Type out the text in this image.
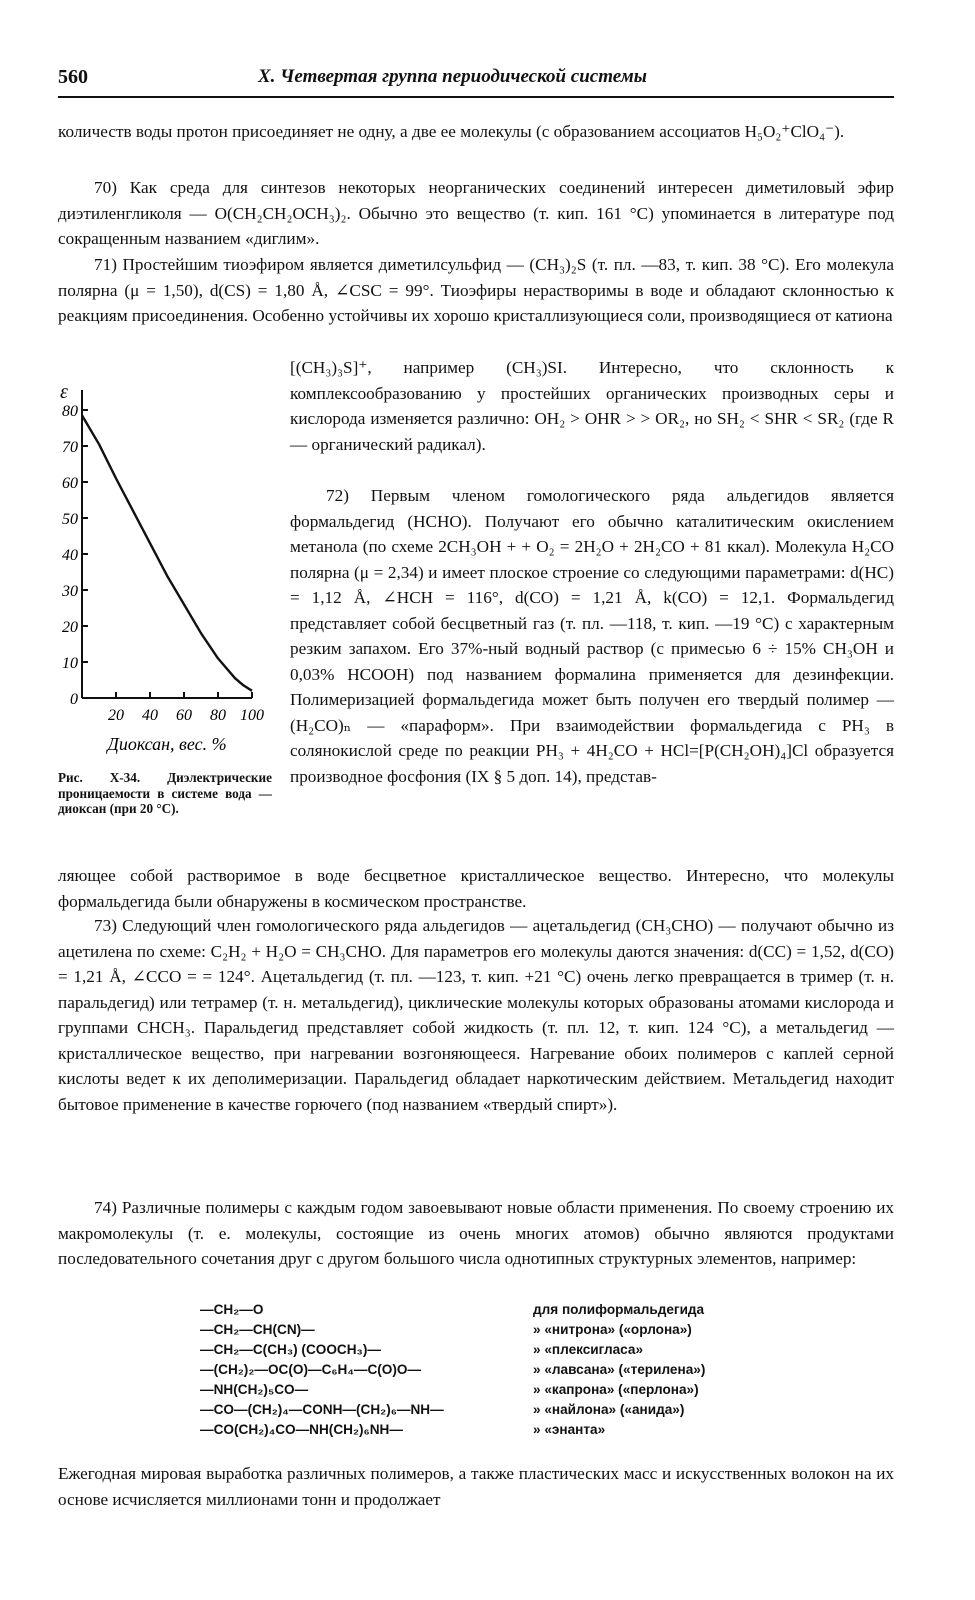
560	X. Четвертая группа периодической системы

количеств воды протон присоединяет не одну, а две ее молекулы (с образованием ассоциатов H₅O₂⁺ClO₄⁻).

70) Как среда для синтезов некоторых неорганических соединений интересен диметиловый эфир диэтиленгликоля — O(CH₂CH₂OCH₃)₂. Обычно это вещество (т. кип. 161 °C) упоминается в литературе под сокращенным названием «диглим».

71) Простейшим тиоэфиром является диметилсульфид — (CH₃)₂S (т. пл. —83, т. кип. 38 °C). Его молекула полярна (μ = 1,50), d(CS) = 1,80 Å, ∠CSC = 99°. Тиоэфиры нерастворимы в воде и обладают склонностью к реакциям присоединения. Особенно устойчивы их хорошо кристаллизующиеся соли, производящиеся от катиона

[(CH₃)₃S]⁺, например (CH₃)SI. Интересно, что склонность к комплексообразованию у простейших органических производных серы и кислорода изменяется различно: OH₂ > OHR > > OR₂, но SH₂ < SHR < SR₂ (где R — органический радикал).

72) Первым членом гомологического ряда альдегидов является формальдегид (HCHO). Получают его обычно каталитическим окислением метанола (по схеме 2CH₃OH + + O₂ = 2H₂O + 2H₂CO + 81 ккал). Молекула H₂CO полярна (μ = 2,34) и имеет плоское строение со следующими параметрами: d(HC) = 1,12 Å, ∠HCH = 116°, d(CO) = 1,21 Å, k(CO) = 12,1. Формальдегид представляет собой бесцветный газ (т. пл. —118, т. кип. —19 °C) с характерным резким запахом. Его 37%-ный водный раствор (с примесью 6 ÷ 15% CH₃OH и 0,03% HCOOH) под названием формалина применяется для дезинфекции. Полимеризацией формальдегида может быть получен его твердый полимер — (H₂CO)ₙ — «параформ». При взаимодействии формальдегида с PH₃ в солянокислой среде по реакции PH₃ + 4H₂CO + HCl=[P(CH₂OH)₄]Cl образуется производное фосфония (IX § 5 доп. 14), представ-

ляющее собой растворимое в воде бесцветное кристаллическое вещество. Интересно, что молекулы формальдегида были обнаружены в космическом пространстве.

73) Следующий член гомологического ряда альдегидов — ацетальдегид (CH₃CHO) — получают обычно из ацетилена по схеме: C₂H₂ + H₂O = CH₃CHO. Для параметров его молекулы даются значения: d(CC) = 1,52, d(CO) = 1,21 Å, ∠CCO = = 124°. Ацетальдегид (т. пл. —123, т. кип. +21 °C) очень легко превращается в тример (т. н. паральдегид) или тетрамер (т. н. метальдегид), циклические молекулы которых образованы атомами кислорода и группами CHCH₃. Паральдегид представляет собой жидкость (т. пл. 12, т. кип. 124 °C), а метальдегид — кристаллическое вещество, при нагревании возгоняющееся. Нагревание обоих полимеров с каплей серной кислоты ведет к их деполимеризации. Паральдегид обладает наркотическим действием. Метальдегид находит бытовое применение в качестве горючего (под названием «твердый спирт»).

74) Различные полимеры с каждым годом завоевывают новые области применения. По своему строению их макромолекулы (т. е. молекулы, состоящие из очень многих атомов) обычно являются продуктами последовательного сочетания друг с другом большого числа однотипных структурных элементов, например:

—CH₂—O	для полиформальдегида
—CH₂—CH(CN)—	» «нитрона» («орлона»)
—CH₂—C(CH₃) (COOCH₃)—	» «плексигласа»
—(CH₂)₂—OC(O)—C₆H₄—C(O)O—	» «лавсана» («терилена»)
—NH(CH₂)₅CO—	» «капрона» («перлона»)
—CO—(CH₂)₄—CONH—(CH₂)₆—NH—	» «найлона» («анида»)
—CO(CH₂)₄CO—NH(CH₂)₆NH—	» «энанта»

Ежегодная мировая выработка различных полимеров, а также пластических масс и искусственных волокон на их основе исчисляется миллионами тонн и продолжает

ε
Диоксан, вес. %
80
70
60
50
40
30
20
10
0
20 40 60 80 100

Рис. X-34. Диэлектрические проницаемости в системе вода — диоксан (при 20 °C).
